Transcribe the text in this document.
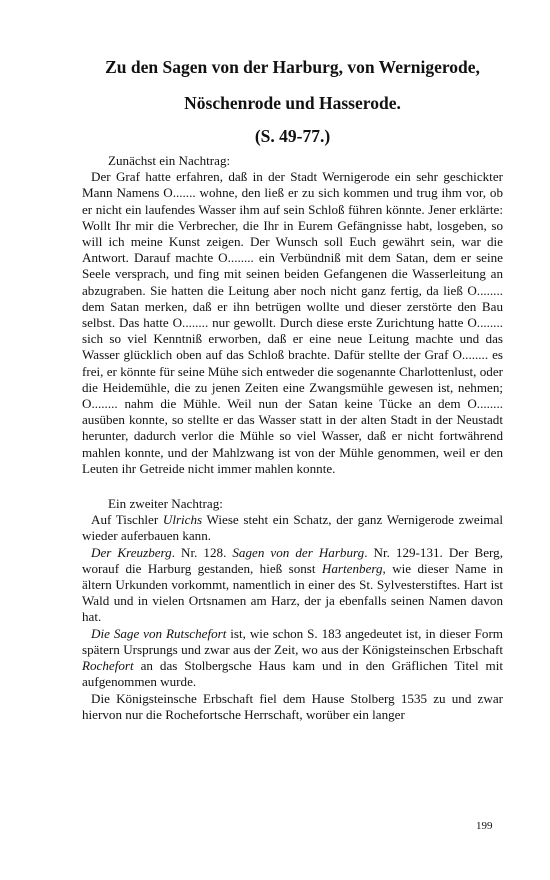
Zu den Sagen von der Harburg, von Wernigerode,
Nöschenrode und Hasserode.
(S. 49-77.)

Zunächst ein Nachtrag:

Der Graf hatte erfahren, daß in der Stadt Wernigerode ein sehr geschickter Mann Namens O....... wohne, den ließ er zu sich kommen und trug ihm vor, ob er nicht ein laufendes Wasser ihm auf sein Schloß führen könnte. Jener erklärte: Wollt Ihr mir die Verbrecher, die Ihr in Eurem Gefängnisse habt, losgeben, so will ich meine Kunst zeigen. Der Wunsch soll Euch gewährt sein, war die Antwort. Darauf machte O........ ein Verbündniß mit dem Satan, dem er seine Seele versprach, und fing mit seinen beiden Gefangenen die Wasserleitung an abzugraben. Sie hatten die Leitung aber noch nicht ganz fertig, da ließ O........ dem Satan merken, daß er ihn betrügen wollte und dieser zerstörte den Bau selbst. Das hatte O........ nur gewollt. Durch diese erste Zurichtung hatte O........ sich so viel Kenntniß erworben, daß er eine neue Leitung machte und das Wasser glücklich oben auf das Schloß brachte. Dafür stellte der Graf O........ es frei, er könnte für seine Mühe sich entweder die sogenannte Charlottenlust, oder die Heidemühle, die zu jenen Zeiten eine Zwangsmühle gewesen ist, nehmen; O........ nahm die Mühle. Weil nun der Satan keine Tücke an dem O........ ausüben konnte, so stellte er das Wasser statt in der alten Stadt in der Neustadt herunter, dadurch verlor die Mühle so viel Wasser, daß er nicht fortwährend mahlen konnte, und der Mahlzwang ist von der Mühle genommen, weil er den Leuten ihr Getreide nicht immer mahlen konnte.

Ein zweiter Nachtrag:

Auf Tischler Ulrichs Wiese steht ein Schatz, der ganz Wernigerode zweimal wieder auferbauen kann.

Der Kreuzberg. Nr. 128. Sagen von der Harburg. Nr. 129-131. Der Berg, worauf die Harburg gestanden, hieß sonst Hartenberg, wie dieser Name in ältern Urkunden vorkommt, namentlich in einer des St. Sylvesterstiftes. Hart ist Wald und in vielen Ortsnamen am Harz, der ja ebenfalls seinen Namen davon hat.

Die Sage von Rutschefort ist, wie schon S. 183 angedeutet ist, in dieser Form spätern Ursprungs und zwar aus der Zeit, wo aus der Königsteinschen Erbschaft Rochefort an das Stolbergsche Haus kam und in den Gräflichen Titel mit aufgenommen wurde.

Die Königsteinsche Erbschaft fiel dem Hause Stolberg 1535 zu und zwar hiervon nur die Rochefortsche Herrschaft, worüber ein langer

199
